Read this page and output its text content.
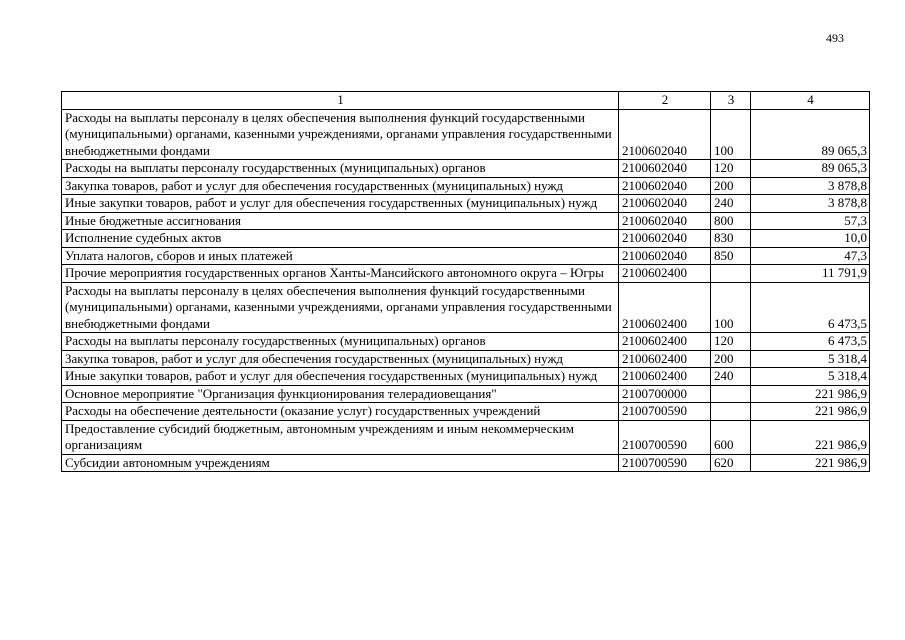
493
1	2	3	4
Расходы на выплаты персоналу в целях обеспечения выполнения функций государственными (муниципальными) органами, казенными учреждениями, органами управления государственными внебюджетными фондами	2100602040	100	89 065,3
Расходы на выплаты персоналу государственных (муниципальных) органов	2100602040	120	89 065,3
Закупка товаров, работ и услуг для обеспечения государственных (муниципальных) нужд	2100602040	200	3 878,8
Иные закупки товаров, работ и услуг для обеспечения государственных (муниципальных) нужд	2100602040	240	3 878,8
Иные бюджетные ассигнования	2100602040	800	57,3
Исполнение судебных актов	2100602040	830	10,0
Уплата налогов, сборов и иных платежей	2100602040	850	47,3
Прочие мероприятия государственных органов Ханты-Мансийского автономного округа – Югры	2100602400		11 791,9
Расходы на выплаты персоналу в целях обеспечения выполнения функций государственными (муниципальными) органами, казенными учреждениями, органами управления государственными внебюджетными фондами	2100602400	100	6 473,5
Расходы на выплаты персоналу государственных (муниципальных) органов	2100602400	120	6 473,5
Закупка товаров, работ и услуг для обеспечения государственных (муниципальных) нужд	2100602400	200	5 318,4
Иные закупки товаров, работ и услуг для обеспечения государственных (муниципальных) нужд	2100602400	240	5 318,4
Основное мероприятие "Организация функционирования телерадиовещания"	2100700000		221 986,9
Расходы на обеспечение деятельности (оказание услуг) государственных учреждений	2100700590		221 986,9
Предоставление субсидий бюджетным, автономным учреждениям и иным некоммерческим организациям	2100700590	600	221 986,9
Субсидии автономным учреждениям	2100700590	620	221 986,9
